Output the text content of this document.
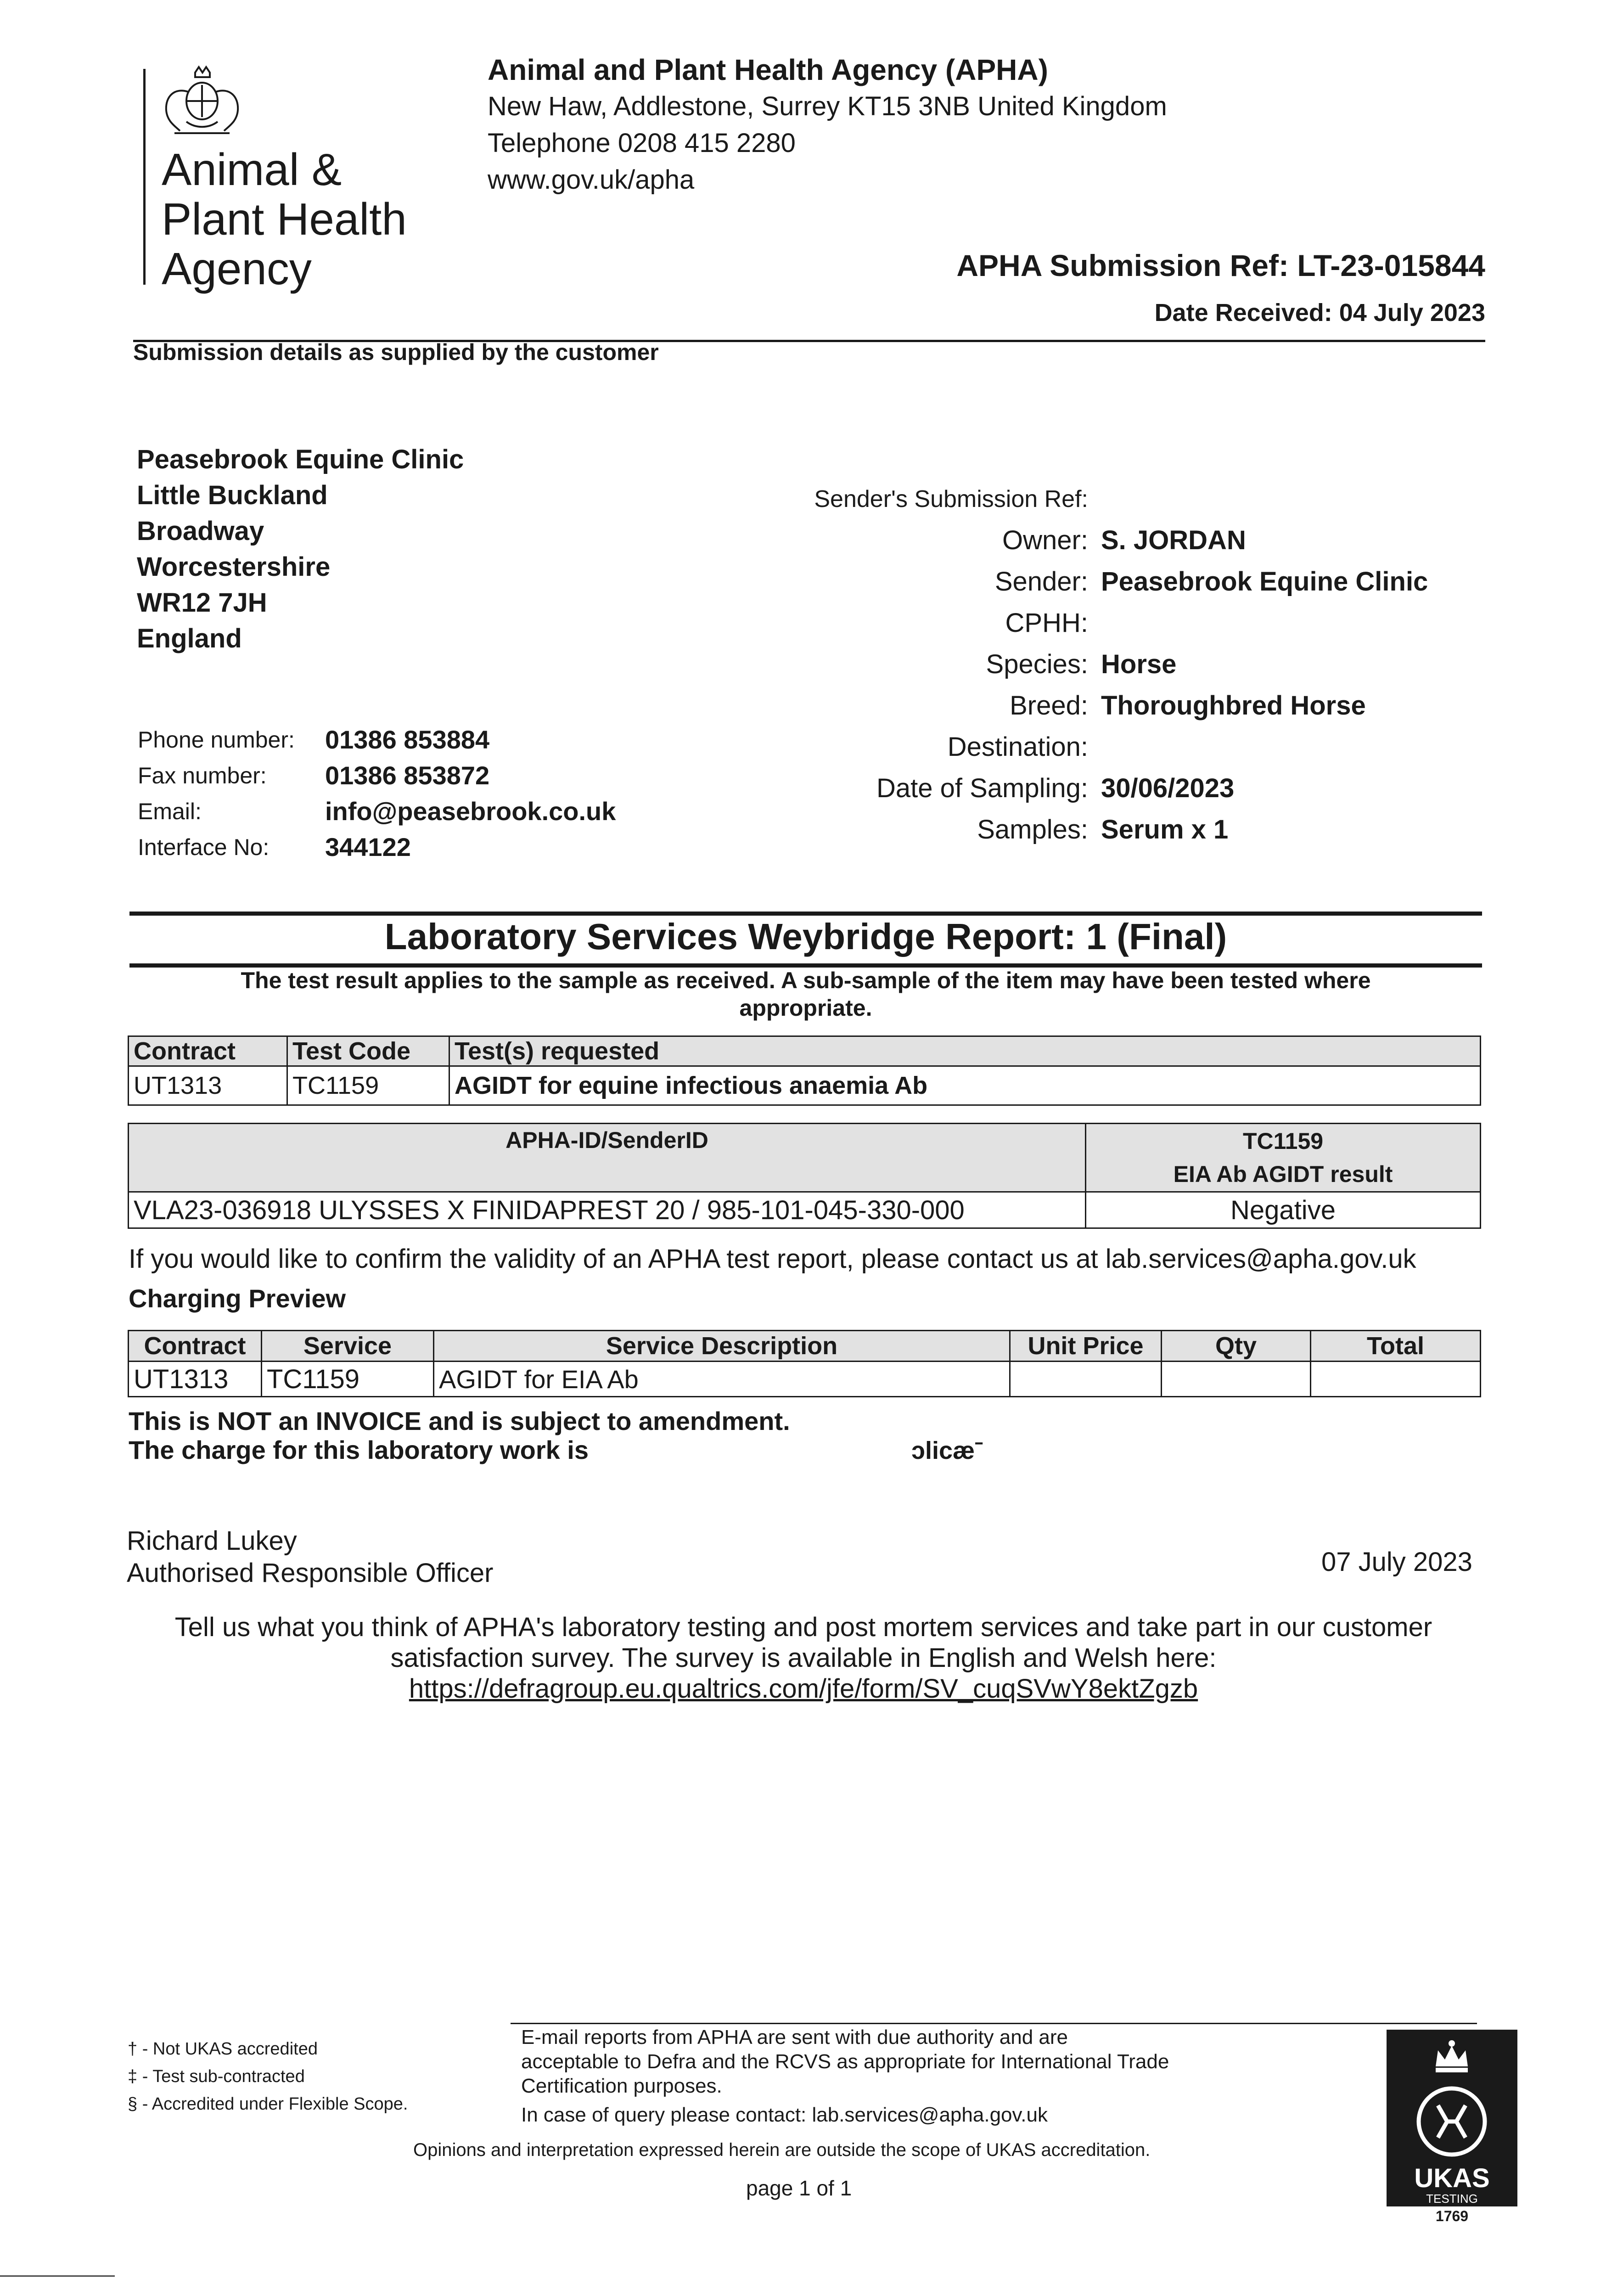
Animal &
Plant Health
Agency
Animal and Plant Health Agency (APHA)
New Haw, Addlestone, Surrey KT15 3NB United Kingdom
Telephone 0208 415 2280
www.gov.uk/apha
APHA Submission Ref: LT-23-015844
Date Received: 04 July 2023
Submission details as supplied by the customer
Peasebrook Equine Clinic
Little Buckland
Broadway
Worcestershire
WR12 7JH
England
Phone number:	01386 853884
Fax number:	01386 853872
Email:	info@peasebrook.co.uk
Interface No:	344122
Sender's Submission Ref:
Owner: S. JORDAN
Sender: Peasebrook Equine Clinic
CPHH:
Species: Horse
Breed: Thoroughbred Horse
Destination:
Date of Sampling: 30/06/2023
Samples: Serum x 1
Laboratory Services Weybridge Report: 1 (Final)
The test result applies to the sample as received. A sub-sample of the item may have been tested where
appropriate.
Contract	Test Code	Test(s) requested
UT1313	TC1159	AGIDT for equine infectious anaemia Ab
APHA-ID/SenderID	TC1159
EIA Ab AGIDT result

VLA23-036918 ULYSSES X FINIDAPREST 20 / 985-101-045-330-000	Negative
If you would like to confirm the validity of an APHA test report, please contact us at lab.services@apha.gov.uk
Charging Preview
Contract	Service	Service Description	Unit Price	Qty	Total
UT1313	TC1159	AGIDT for EIA Ab			
This is NOT an INVOICE and is subject to amendment.
The charge for this laboratory work is	ɔlicæˉ
Richard Lukey
Authorised Responsible Officer	07 July 2023
Tell us what you think of APHA's laboratory testing and post mortem services and take part in our customer
satisfaction survey. The survey is available in English and Welsh here:
https://defragroup.eu.qualtrics.com/jfe/form/SV_cuqSVwY8ektZgzb
† - Not UKAS accredited
‡ - Test sub-contracted
§ - Accredited under Flexible Scope.
E-mail reports from APHA are sent with due authority and are
acceptable to Defra and the RCVS as appropriate for International Trade
Certification purposes.
In case of query please contact: lab.services@apha.gov.uk
Opinions and interpretation expressed herein are outside the scope of UKAS accreditation.
page 1 of 1	UKAS
TESTING
1769
